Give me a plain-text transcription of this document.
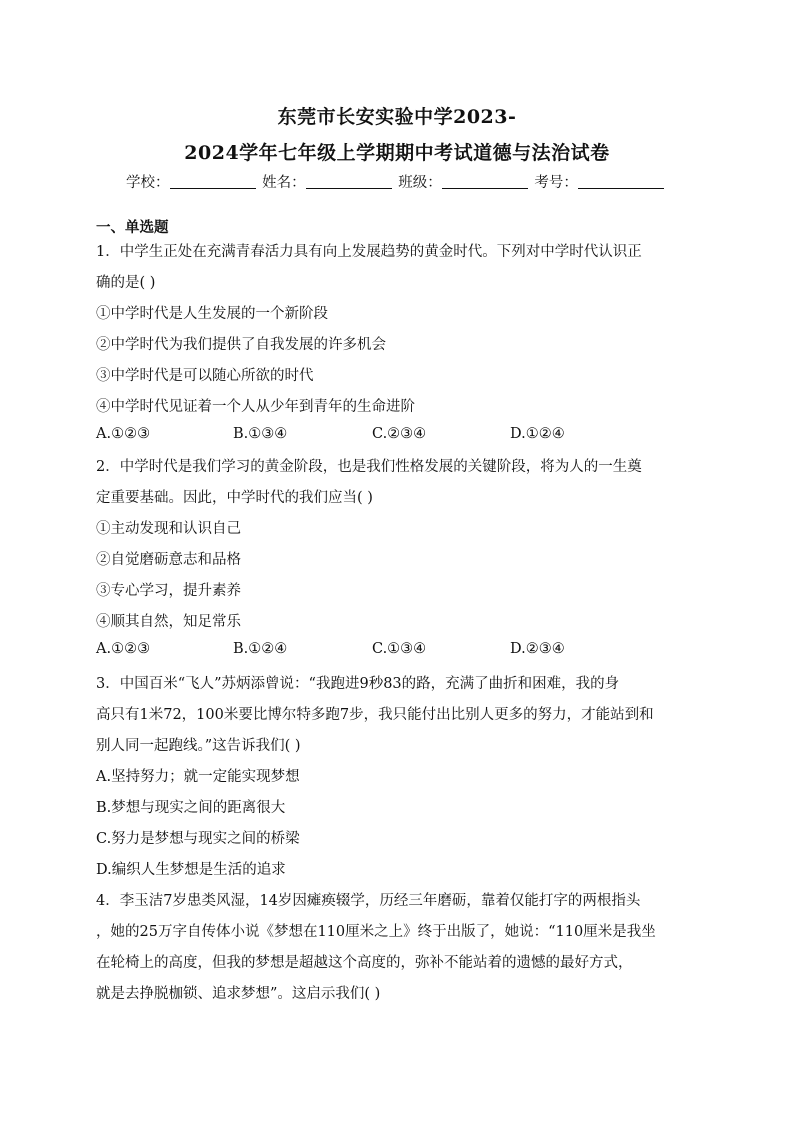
东莞市长安实验中学2023-
2024学年七年级上学期期中考试道德与法治试卷
学校：	姓名：	班级：	考号：
一、单选题
1．中学生正处在充满青春活力具有向上发展趋势的黄金时代。下列对中学时代认识正
确的是( )
①中学时代是人生发展的一个新阶段
②中学时代为我们提供了自我发展的许多机会
③中学时代是可以随心所欲的时代
④中学时代见证着一个人从少年到青年的生命进阶
A.①②③	B.①③④	C.②③④	D.①②④
2．中学时代是我们学习的黄金阶段，也是我们性格发展的关键阶段，将为人的一生奠
定重要基础。因此，中学时代的我们应当( )
①主动发现和认识自己
②自觉磨砺意志和品格
③专心学习，提升素养
④顺其自然，知足常乐
A.①②③	B.①②④	C.①③④	D.②③④
3．中国百米“飞人”苏炳添曾说：“我跑进9秒83的路，充满了曲折和困难，我的身
高只有1米72，100米要比博尔特多跑7步，我只能付出比别人更多的努力，才能站到和
别人同一起跑线。”这告诉我们( )
A.坚持努力；就一定能实现梦想
B.梦想与现实之间的距离很大
C.努力是梦想与现实之间的桥梁
D.编织人生梦想是生活的追求
4．李玉洁7岁患类风湿，14岁因瘫痪辍学，历经三年磨砺，靠着仅能打字的两根指头
，她的25万字自传体小说《梦想在110厘米之上》终于出版了，她说：“110厘米是我坐
在轮椅上的高度，但我的梦想是超越这个高度的，弥补不能站着的遗憾的最好方式，
就是去挣脱枷锁、追求梦想”。这启示我们( )
